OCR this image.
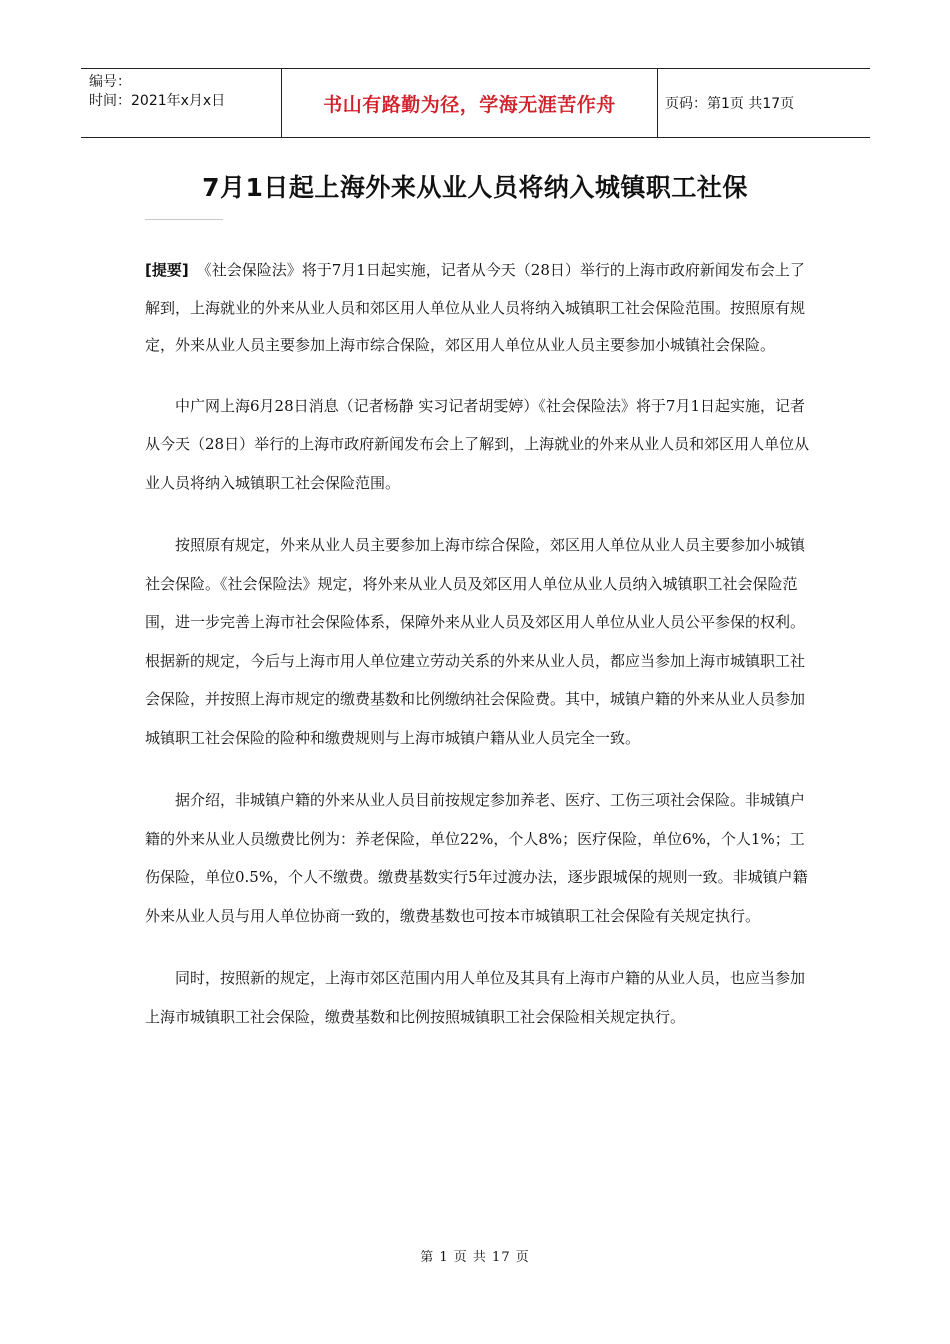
编号：
时间：2021年x月x日	书山有路勤为径，学海无涯苦作舟	页码：第1页 共17页
7月1日起上海外来从业人员将纳入城镇职工社保

[提要] 《社会保险法》将于7月1日起实施，记者从今天（28日）举行的上海市政府新闻发布会上了解到，上海就业的外来从业人员和郊区用人单位从业人员将纳入城镇职工社会保险范围。按照原有规定，外来从业人员主要参加上海市综合保险，郊区用人单位从业人员主要参加小城镇社会保险。

中广网上海6月28日消息（记者杨静 实习记者胡雯婷）《社会保险法》将于7月1日起实施，记者从今天（28日）举行的上海市政府新闻发布会上了解到，上海就业的外来从业人员和郊区用人单位从业人员将纳入城镇职工社会保险范围。

按照原有规定，外来从业人员主要参加上海市综合保险，郊区用人单位从业人员主要参加小城镇社会保险。《社会保险法》规定，将外来从业人员及郊区用人单位从业人员纳入城镇职工社会保险范围，进一步完善上海市社会保险体系，保障外来从业人员及郊区用人单位从业人员公平参保的权利。根据新的规定，今后与上海市用人单位建立劳动关系的外来从业人员，都应当参加上海市城镇职工社会保险，并按照上海市规定的缴费基数和比例缴纳社会保险费。其中，城镇户籍的外来从业人员参加城镇职工社会保险的险种和缴费规则与上海市城镇户籍从业人员完全一致。

据介绍，非城镇户籍的外来从业人员目前按规定参加养老、医疗、工伤三项社会保险。非城镇户籍的外来从业人员缴费比例为：养老保险，单位22%，个人8%；医疗保险，单位6%，个人1%；工伤保险，单位0.5%，个人不缴费。缴费基数实行5年过渡办法，逐步跟城保的规则一致。非城镇户籍外来从业人员与用人单位协商一致的，缴费基数也可按本市城镇职工社会保险有关规定执行。

同时，按照新的规定，上海市郊区范围内用人单位及其具有上海市户籍的从业人员，也应当参加上海市城镇职工社会保险，缴费基数和比例按照城镇职工社会保险相关规定执行。

第 1 页 共 17 页
